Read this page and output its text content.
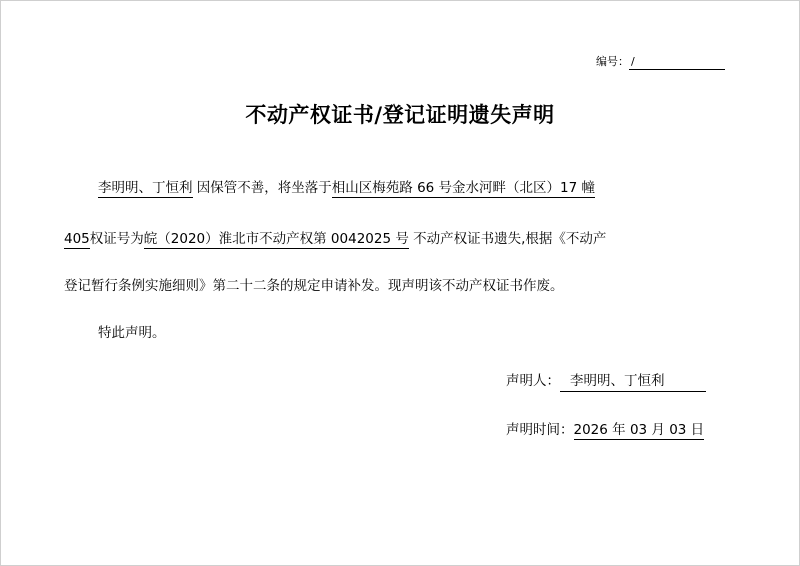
编号： /
不动产权证书/登记证明遗失声明
李明明、丁恒利 因保管不善，将坐落于相山区梅苑路 66 号金水河畔（北区）17 幢
405权证号为皖（2020）淮北市不动产权第 0042025 号 不动产权证书遗失,根据《不动产
登记暂行条例实施细则》第二十二条的规定申请补发。现声明该不动产权证书作废。
特此声明。
声明人： 李明明、丁恒利
声明时间：2026 年 03 月 03 日
